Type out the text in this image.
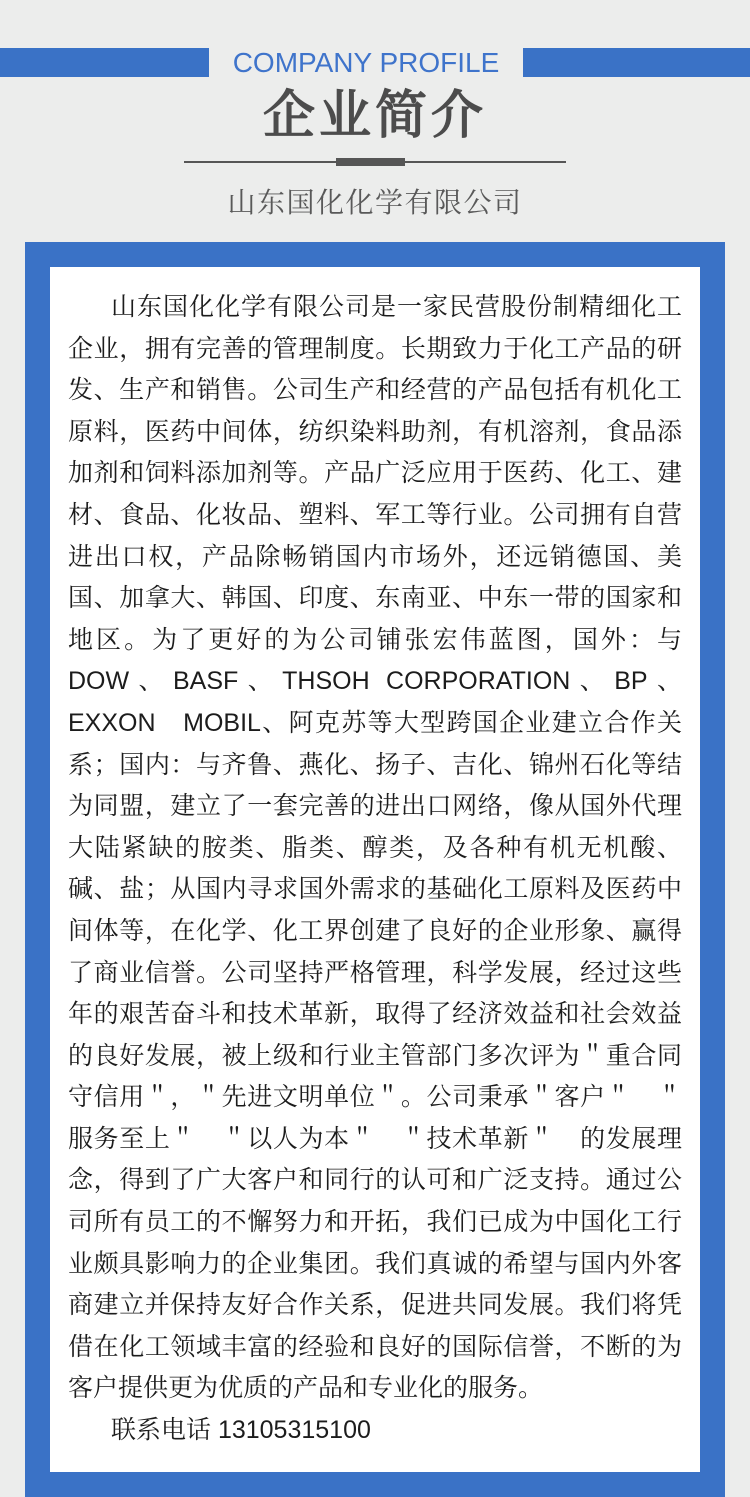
COMPANY PROFILE
企业简介
山东国化化学有限公司

山东国化化学有限公司是一家民营股份制精细化工企业，拥有完善的管理制度。长期致力于化工产品的研发、生产和销售。公司生产和经营的产品包括有机化工原料，医药中间体，纺织染料助剂，有机溶剂，食品添加剂和饲料添加剂等。产品广泛应用于医药、化工、建材、食品、化妆品、塑料、军工等行业。公司拥有自营进出口权，产品除畅销国内市场外，还远销德国、美国、加拿大、韩国、印度、东南亚、中东一带的国家和地区。为了更好的为公司铺张宏伟蓝图，国外：与DOW、BASF、THSOH CORPORATION、BP、EXXON　MOBIL、阿克苏等大型跨国企业建立合作关系；国内：与齐鲁、燕化、扬子、吉化、锦州石化等结为同盟，建立了一套完善的进出口网络，像从国外代理大陆紧缺的胺类、脂类、醇类，及各种有机无机酸、碱、盐；从国内寻求国外需求的基础化工原料及医药中间体等，在化学、化工界创建了良好的企业形象、赢得了商业信誉。公司坚持严格管理，科学发展，经过这些年的艰苦奋斗和技术革新，取得了经济效益和社会效益的良好发展，被上级和行业主管部门多次评为＂重合同守信用＂，＂先进文明单位＂。公司秉承＂客户＂　＂服务至上＂　＂以人为本＂　＂技术革新＂　的发展理念，得到了广大客户和同行的认可和广泛支持。通过公司所有员工的不懈努力和开拓，我们已成为中国化工行业颇具影响力的企业集团。我们真诚的希望与国内外客商建立并保持友好合作关系，促进共同发展。我们将凭借在化工领域丰富的经验和良好的国际信誉，不断的为客户提供更为优质的产品和专业化的服务。

联系电话 13105315100
